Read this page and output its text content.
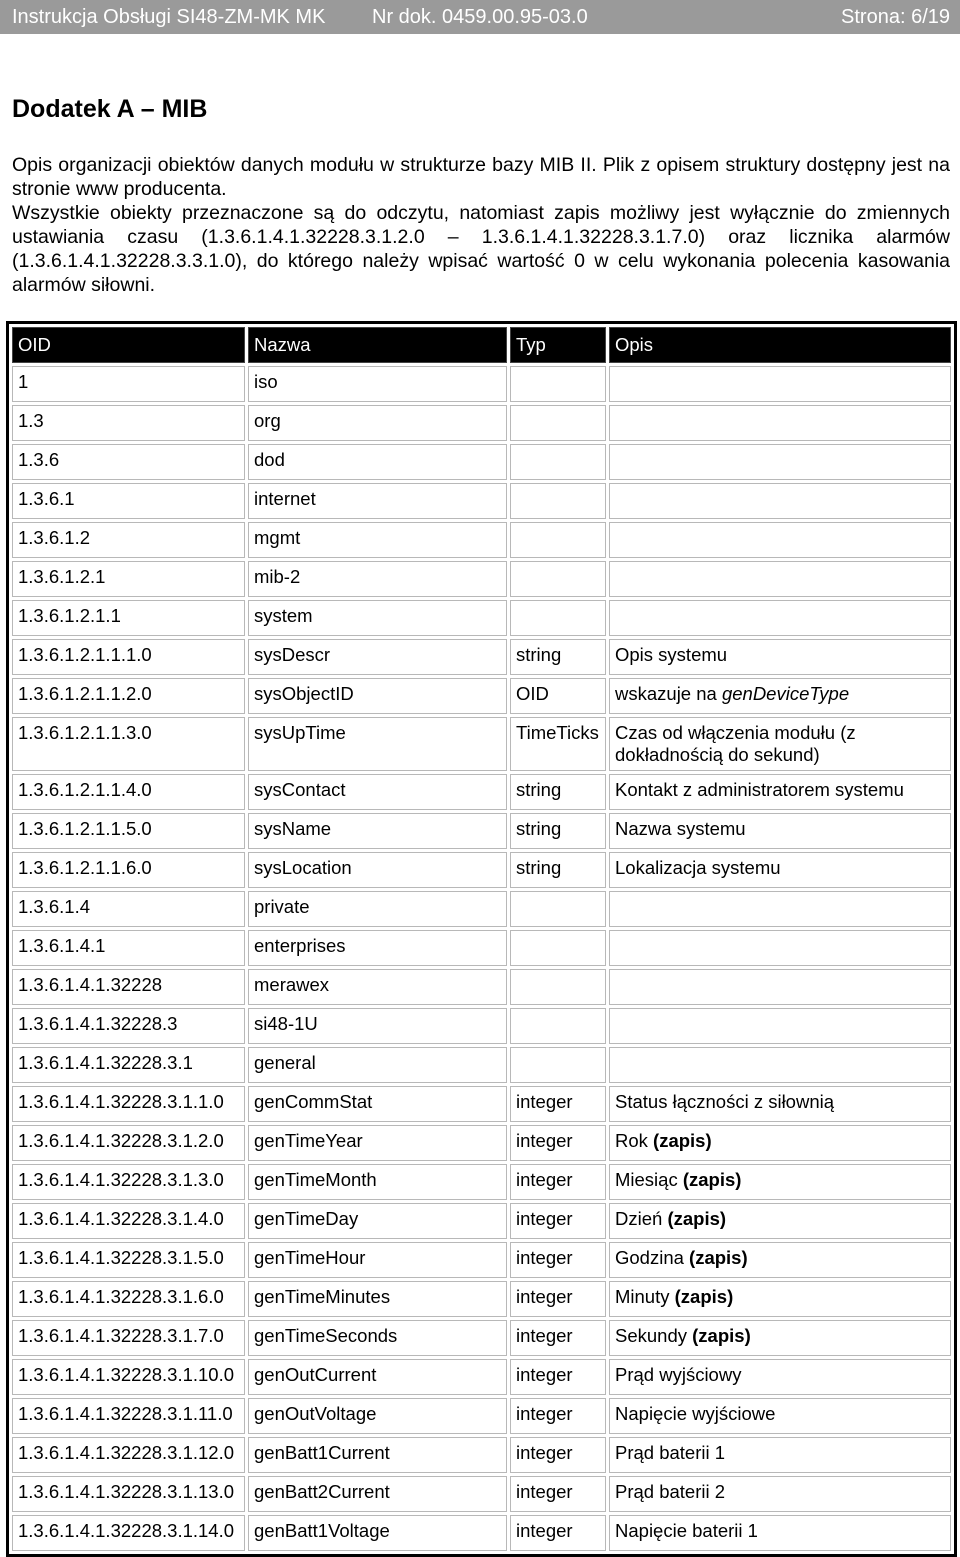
Instrukcja Obsługi SI48-ZM-MK MK Nr dok. 0459.00.95-03.0	Strona: 6/19
Dodatek A – MIB

Opis organizacji obiektów danych modułu w strukturze bazy MIB II. Plik z opisem struktury dostępny jest na stronie www producenta.

Wszystkie obiekty przeznaczone są do odczytu, natomiast zapis możliwy jest wyłącznie do zmiennych ustawiania czasu (1.3.6.1.4.1.32228.3.1.2.0 – 1.3.6.1.4.1.32228.3.1.7.0) oraz licznika alarmów (1.3.6.1.4.1.32228.3.3.1.0), do którego należy wpisać wartość 0 w celu wykonania polecenia kasowania alarmów siłowni.

OID	Nazwa	Typ	Opis
1	iso		
1.3	org		
1.3.6	dod		
1.3.6.1	internet		
1.3.6.1.2	mgmt		
1.3.6.1.2.1	mib-2		
1.3.6.1.2.1.1	system		
1.3.6.1.2.1.1.1.0	sysDescr	string	Opis systemu
1.3.6.1.2.1.1.2.0	sysObjectID	OID	wskazuje na genDeviceType
1.3.6.1.2.1.1.3.0	sysUpTime	TimeTicks	Czas od włączenia modułu (z dokładnością do sekund)
1.3.6.1.2.1.1.4.0	sysContact	string	Kontakt z administratorem systemu
1.3.6.1.2.1.1.5.0	sysName	string	Nazwa systemu
1.3.6.1.2.1.1.6.0	sysLocation	string	Lokalizacja systemu
1.3.6.1.4	private		
1.3.6.1.4.1	enterprises		
1.3.6.1.4.1.32228	merawex		
1.3.6.1.4.1.32228.3	si48-1U		
1.3.6.1.4.1.32228.3.1	general		
1.3.6.1.4.1.32228.3.1.1.0	genCommStat	integer	Status łączności z siłownią
1.3.6.1.4.1.32228.3.1.2.0	genTimeYear	integer	Rok (zapis)
1.3.6.1.4.1.32228.3.1.3.0	genTimeMonth	integer	Miesiąc (zapis)
1.3.6.1.4.1.32228.3.1.4.0	genTimeDay	integer	Dzień (zapis)
1.3.6.1.4.1.32228.3.1.5.0	genTimeHour	integer	Godzina (zapis)
1.3.6.1.4.1.32228.3.1.6.0	genTimeMinutes	integer	Minuty (zapis)
1.3.6.1.4.1.32228.3.1.7.0	genTimeSeconds	integer	Sekundy (zapis)
1.3.6.1.4.1.32228.3.1.10.0	genOutCurrent	integer	Prąd wyjściowy
1.3.6.1.4.1.32228.3.1.11.0	genOutVoltage	integer	Napięcie wyjściowe
1.3.6.1.4.1.32228.3.1.12.0	genBatt1Current	integer	Prąd baterii 1
1.3.6.1.4.1.32228.3.1.13.0	genBatt2Current	integer	Prąd baterii 2
1.3.6.1.4.1.32228.3.1.14.0	genBatt1Voltage	integer	Napięcie baterii 1
